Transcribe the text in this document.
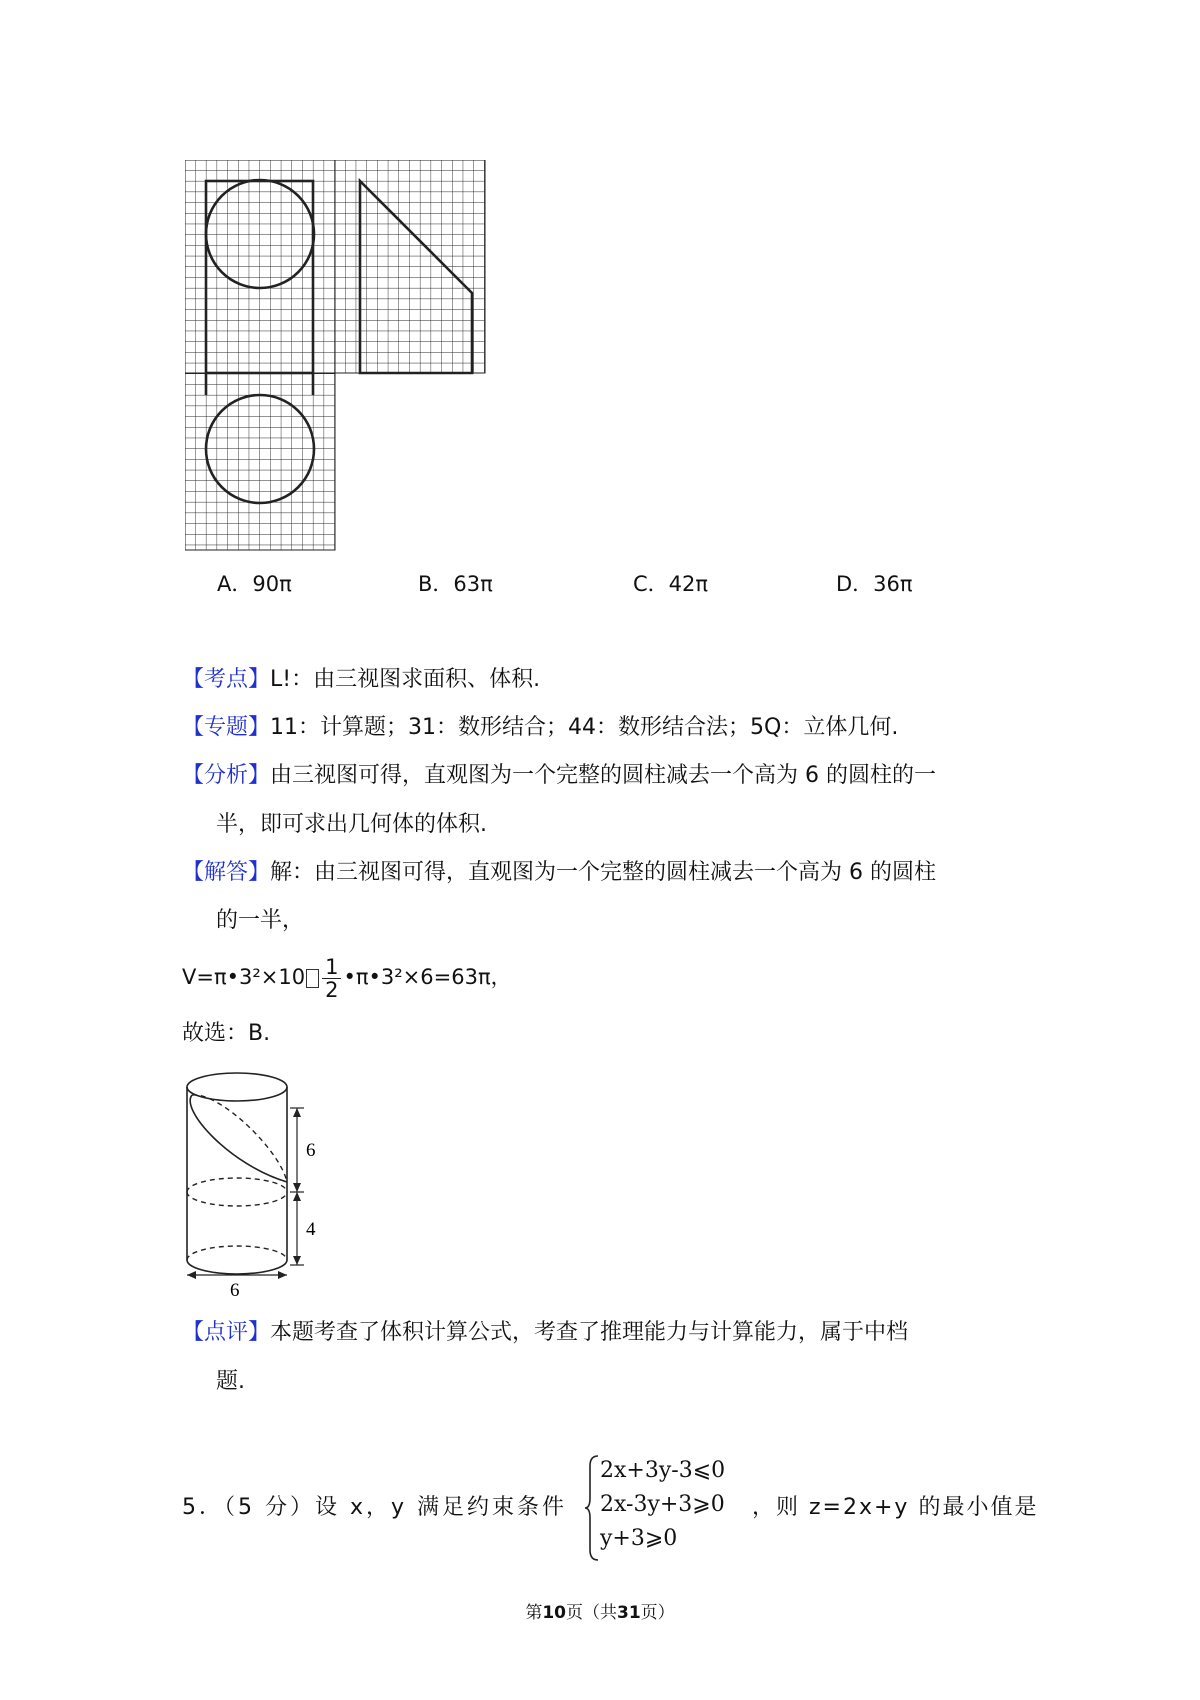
A．90π	B．63π	C．42π	D．36π
【考点】L!：由三视图求面积、体积.
【专题】11：计算题；31：数形结合；44：数形结合法；5Q：立体几何.
【分析】由三视图可得，直观图为一个完整的圆柱减去一个高为 6 的圆柱的一
半，即可求出几何体的体积.
【解答】解：由三视图可得，直观图为一个完整的圆柱减去一个高为 6 的圆柱
的一半，
V=π•3²×10 $\frac{1}{2}$ •π•3²×6=63π，
故选：B.
6
4
6
【点评】本题考查了体积计算公式，考查了推理能力与计算能力，属于中档
题.
5．（5 分）设 x，y 满足约束条件
2x+3y-3⩽0
2x-3y+3⩾0
y+3⩾0
，则 z=2x+y 的最小值是
第10页（共31页）
